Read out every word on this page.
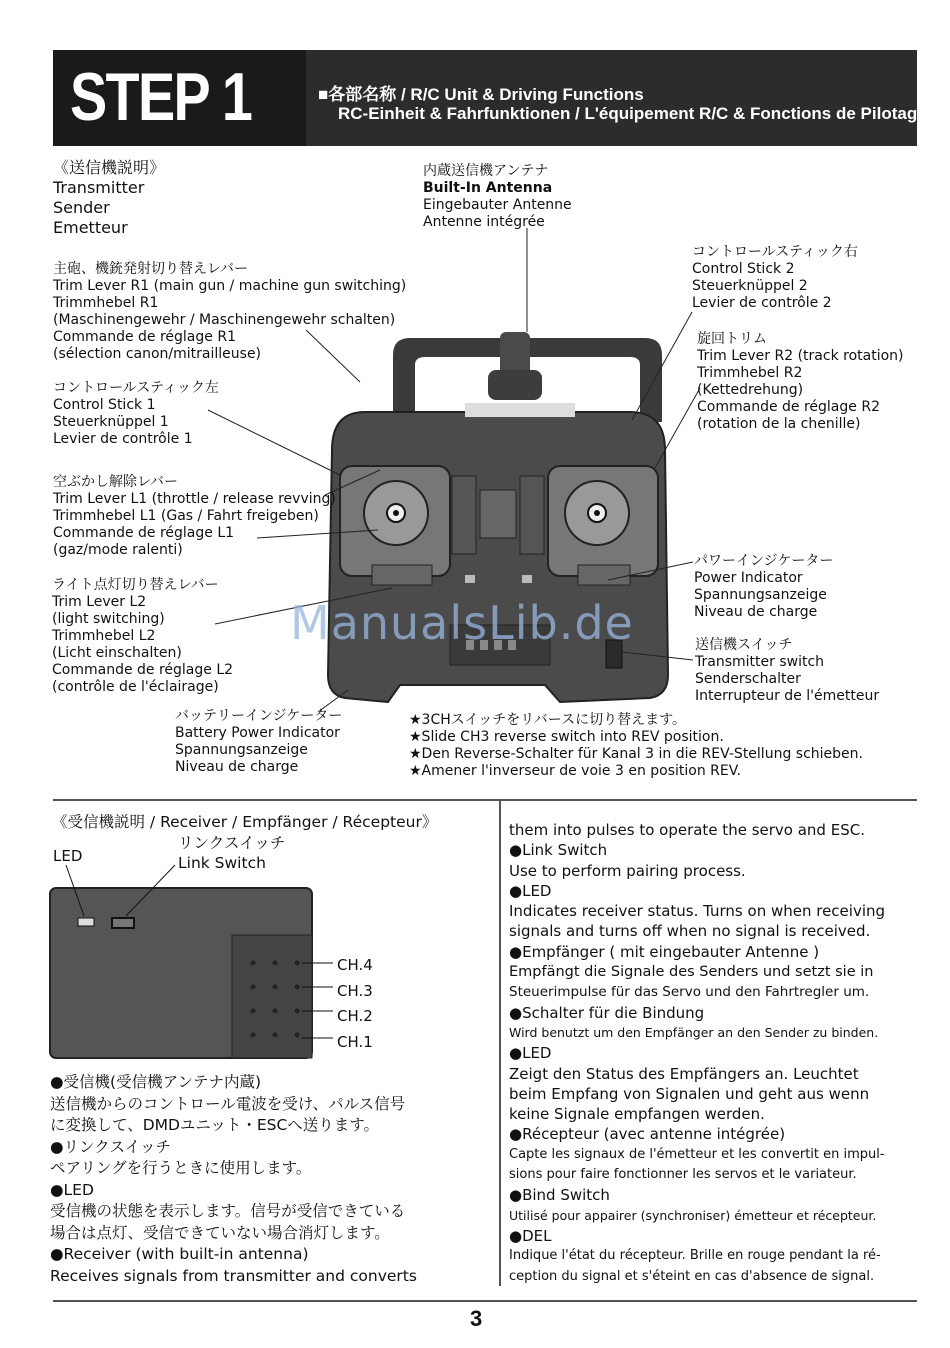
STEP 1	■各部名称 / R/C Unit & Driving Functions
RC-Einheit & Fahrfunktionen / L'équipement R/C & Fonctions de Pilotage
《送信機説明》
Transmitter
Sender
Emetteur
内蔵送信機アンテナ
Built-In Antenna
Eingebauter Antenne
Antenne intégrée
コントロールスティック右
Control Stick 2
Steuerknüppel 2
Levier de contrôle 2
主砲、機銃発射切り替えレバー
Trim Lever R1 (main gun / machine gun switching)
Trimmhebel R1
(Maschinengewehr / Maschinengewehr schalten)
Commande de réglage R1
(sélection canon/mitrailleuse)
旋回トリム
Trim Lever R2 (track rotation)
Trimmhebel R2
(Kettedrehung)
Commande de réglage R2
(rotation de la chenille)
コントロールスティック左
Control Stick 1
Steuerknüppel 1
Levier de contrôle 1
空ぶかし解除レバー
Trim Lever L1 (throttle / release revving)
Trimmhebel L1 (Gas / Fahrt freigeben)
Commande de réglage L1
(gaz/mode ralenti)
ライト点灯切り替えレバー
Trim Lever L2
(light switching)
Trimmhebel L2
(Licht einschalten)
Commande de réglage L2
(contrôle de l'éclairage)
パワーインジケーター
Power Indicator
Spannungsanzeige
Niveau de charge
送信機スイッチ
Transmitter switch
Senderschalter
Interrupteur de l'émetteur
バッテリーインジケーター
Battery Power Indicator
Spannungsanzeige
Niveau de charge
★3CHスイッチをリバースに切り替えます。
★Slide CH3 reverse switch into REV position.
★Den Reverse-Schalter für Kanal 3 in die REV-Stellung schieben.
★Amener l'inverseur de voie 3 en position REV.
ManualsLib.de
《受信機説明 / Receiver / Empfänger / Récepteur》
LED
リンクスイッチ
Link Switch
CH.4
CH.3
CH.2
CH.1
●受信機(受信機アンテナ内蔵)
送信機からのコントロール電波を受け、パルス信号
に変換して、DMDユニット・ESCへ送ります。
●リンクスイッチ
ペアリングを行うときに使用します。
●LED
受信機の状態を表示します。信号が受信できている
場合は点灯、受信できていない場合消灯します。
●Receiver (with built-in antenna)
Receives signals from transmitter and converts
them into pulses to operate the servo and ESC.
●Link Switch
Use to perform pairing process.
●LED
Indicates receiver status. Turns on when receiving
signals and turns off when no signal is received.
●Empfänger ( mit eingebauter Antenne )
Empfängt die Signale des Senders und setzt sie in
Steuerimpulse für das Servo und den Fahrtregler um.
●Schalter für die Bindung
Wird benutzt um den Empfänger an den Sender zu binden.
●LED
Zeigt den Status des Empfängers an. Leuchtet
beim Empfang von Signalen und geht aus wenn
keine Signale empfangen werden.
●Récepteur (avec antenne intégrée)
Capte les signaux de l'émetteur et les convertit en impul-
sions pour faire fonctionner les servos et le variateur.
●Bind Switch
Utilisé pour appairer (synchroniser) émetteur et récepteur.
●DEL
Indique l'état du récepteur. Brille en rouge pendant la ré-
ception du signal et s'éteint en cas d'absence de signal.
3
